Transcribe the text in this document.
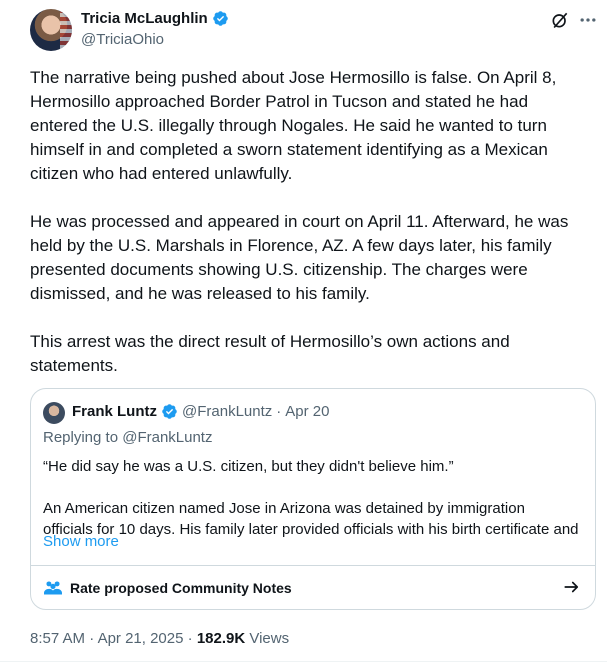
Tricia McLaughlin
@TriciaOhio

The narrative being pushed about Jose Hermosillo is false. On April 8,
Hermosillo approached Border Patrol in Tucson and stated he had
entered the U.S. illegally through Nogales. He said he wanted to turn
himself in and completed a sworn statement identifying as a Mexican
citizen who had entered unlawfully.

He was processed and appeared in court on April 11. Afterward, he was
held by the U.S. Marshals in Florence, AZ. A few days later, his family
presented documents showing U.S. citizenship. The charges were
dismissed, and he was released to his family.

This arrest was the direct result of Hermosillo’s own actions and
statements.

Frank Luntz @FrankLuntz · Apr 20
Replying to @FrankLuntz
“He did say he was a U.S. citizen, but they didn't believe him.”

An American citizen named Jose in Arizona was detained by immigration
officials for 10 days. His family later provided officials with his birth certificate and
Show more
Rate proposed Community Notes
8:57 AM · Apr 21, 2025 · 182.9K Views
